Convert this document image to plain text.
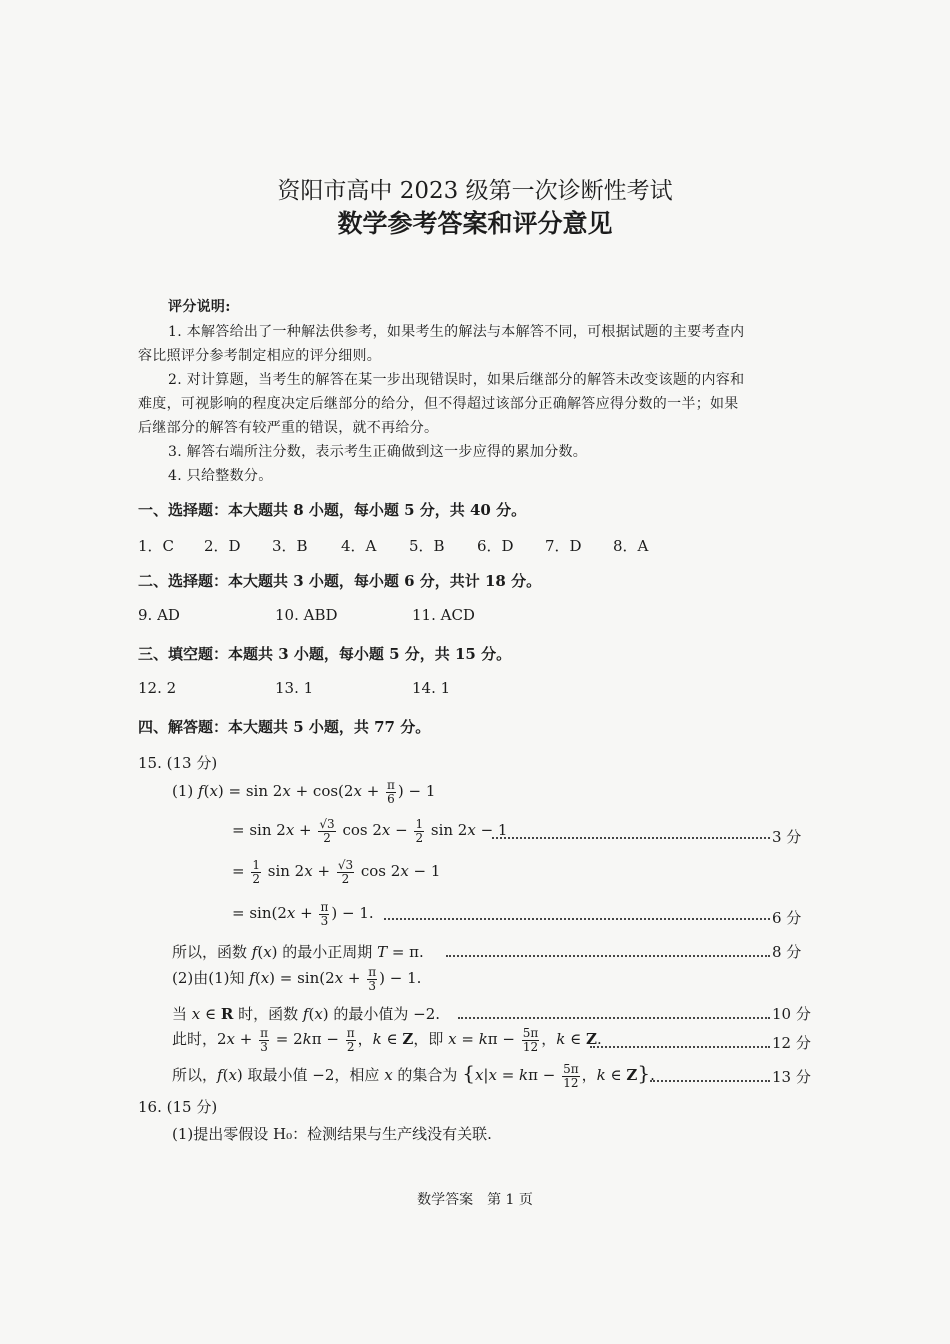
资阳市高中 2023 级第一次诊断性考试
数学参考答案和评分意见
评分说明:
1. 本解答给出了一种解法供参考，如果考生的解法与本解答不同，可根据试题的主要考查内
容比照评分参考制定相应的评分细则。
2. 对计算题，当考生的解答在某一步出现错误时，如果后继部分的解答未改变该题的内容和
难度，可视影响的程度决定后继部分的给分，但不得超过该部分正确解答应得分数的一半；如果
后继部分的解答有较严重的错误，就不再给分。
3. 解答右端所注分数，表示考生正确做到这一步应得的累加分数。
4. 只给整数分。
一、选择题：本大题共 8 小题，每小题 5 分，共 40 分。
1．C 2．D 3．B 4．A 5．B 6．D 7．D 8．A
二、选择题：本大题共 3 小题，每小题 6 分，共计 18 分。
9. AD	10. ABD	11. ACD
三、填空题：本题共 3 小题，每小题 5 分，共 15 分。
12. 2	13. 1	14. 1
四、解答题：本大题共 5 小题，共 77 分。
15. (13 分)
(1) $f(x) = \sin 2x + \cos(2x + \frac{\pi}{6}$ ) − 1
= $\sin 2x + \frac{√3}{2}$ $\cos 2x - \frac{1}{2}$ sin 2x − 1	3 分
= $\frac{1}{2}$ $\sin 2x + \frac{√3}{2}$ cos 2x − 1
= $\sin(2x + \frac{\pi}{3}$ ) − 1.	6 分
所以，函数 f(x) 的最小正周期 T = π.	8 分
(2)由(1)知 $f(x) = \sin(2x + \frac{\pi}{3}$ ) − 1.
当 x ∈ R 时，函数 f(x) 的最小值为 −2.	10 分
此时，$2x + \frac{\pi}{3} = 2k\pi - \frac{\pi}{2}$ ，k ∈ Z，即 $x = k\pi - \frac{5\pi}{12}$ ，k ∈ Z.	12 分
所以，f(x) 取最小值 −2，相应 x 的集合为 {$x|x = k\pi - \frac{5\pi}{12}$ ，k ∈ Z}.	13 分
16. (15 分)
(1)提出零假设 H₀：检测结果与生产线没有关联.
数学答案　第 1 页
